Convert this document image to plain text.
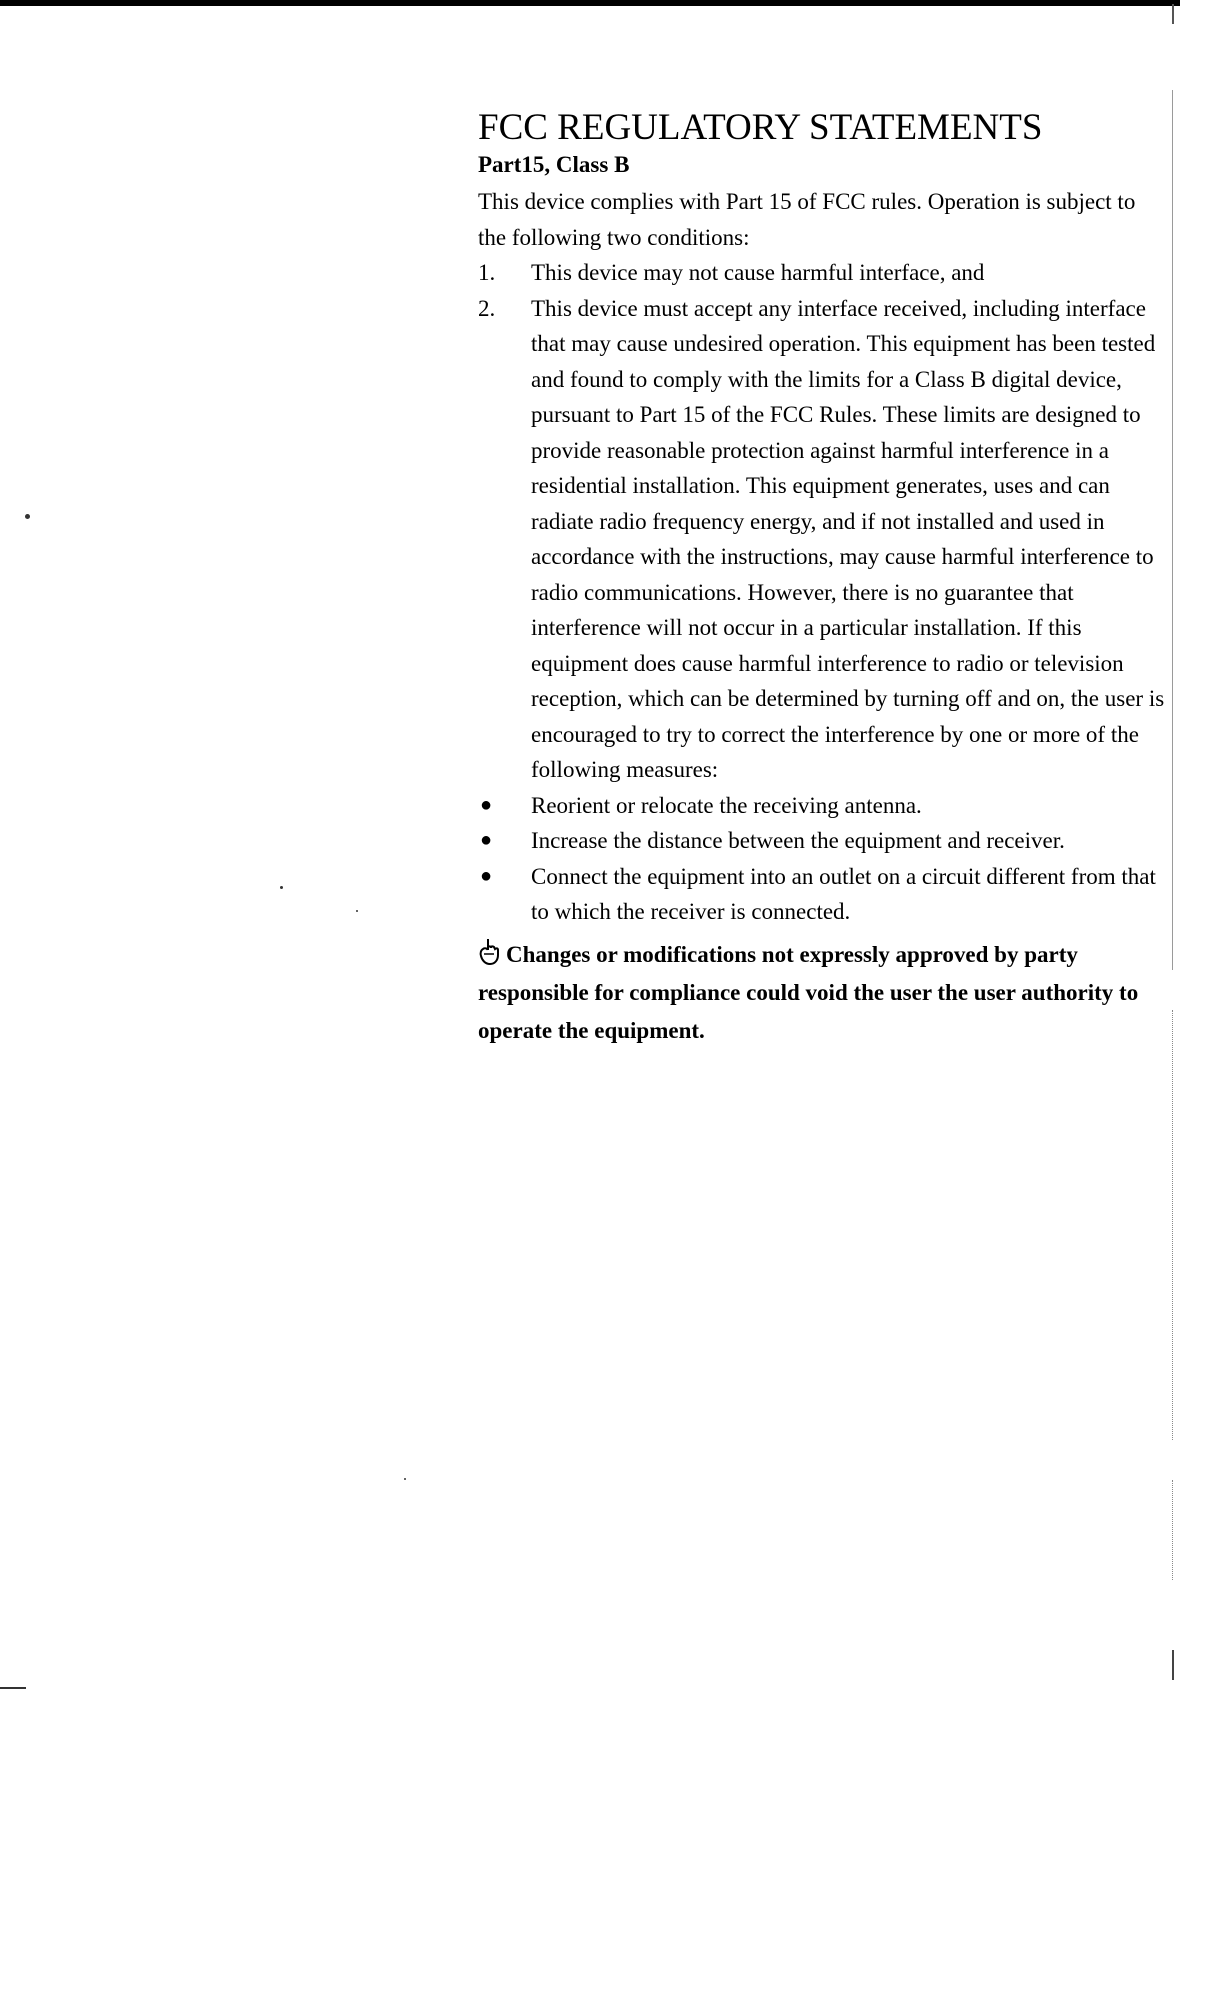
FCC REGULATORY STATEMENTS
Part15, Class B

This device complies with Part 15 of FCC rules. Operation is subject to the following two conditions:

1. This device may not cause harmful interface, and
2. This device must accept any interface received, including interface that may cause undesired operation. This equipment has been tested and found to comply with the limits for a Class B digital device, pursuant to Part 15 of the FCC Rules. These limits are designed to provide reasonable protection against harmful interference in a residential installation. This equipment generates, uses and can radiate radio frequency energy, and if not installed and used in accordance with the instructions, may cause harmful interference to radio communications. However, there is no guarantee that interference will not occur in a particular installation. If this equipment does cause harmful interference to radio or television reception, which can be determined by turning off and on, the user is encouraged to try to correct the interference by one or more of the following measures:
● Reorient or relocate the receiving antenna.
● Increase the distance between the equipment and receiver.
● Connect the equipment into an outlet on a circuit different from that to which the receiver is connected.
Changes or modifications not expressly approved by party responsible for compliance could void the user the user authority to operate the equipment.
